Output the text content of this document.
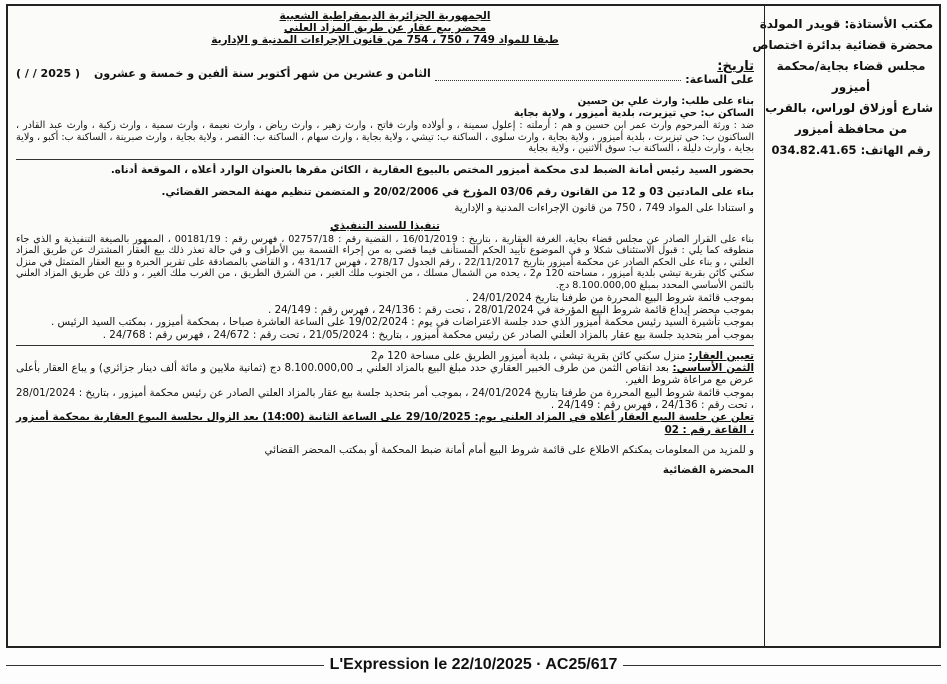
مكتب الأستاذة: قويدر المولدة
محضرة قضائية بدائرة اختصاص
مجلس قضاء بجاية/محكمة
أميزور
شارع أوزلاق لوراس، بالقرب
من محافظة أميزور
رقم الهاتف: 034.82.41.65
الجمهورية الجزائرية الديمقراطية الشعبية
محضر بيع عقار عن طريق المزاد العلني
طبقا للمواد 749 ، 750 ، 754 من قانون الإجراءات المدنية و الإدارية
تاريخ:
على الساعة:
الثامن و عشرين من شهر أكتوبر سنة ألفين و خمسة و عشرون
( / / 2025 )
بناء على طلب: وارث علي بن حسين
الساكن ب: حي تيزيرت، بلدية أميزور ، ولاية بجاية
ضد : ورثة المرحوم وارث عمر ابن حسين و هم : أرملته : إعلول سمينة ، و أولاده وارث فاتح ، وارث زهير ، وارث رياض ، وارث نعيمة ، وارث سمية ، وارث زكية ، وارث عبد القادر ، الساكنون ب: حي تيزيرت ، بلدية أميزور ، ولاية بجاية ، وارث سلوى ، الساكنة ب: تيشي ، ولاية بجاية ، وارث سهام ، الساكنة ب: القصر ، ولاية بجاية ، وارث صبرينة ، الساكنة ب: أكبو ، ولاية بجاية ، وارث دليلة ، الساكنة ب: سوق الاثنين ، ولاية بجاية
بحضور السيد رئيس أمانة الضبط لدى محكمة أميزور المختص بالبيوع العقارية ، الكائن مقرها بالعنوان الوارد أعلاه ، الموقعة أدناه.
بناء على المادتين 03 و 12 من القانون رقم 03/06 المؤرخ في 20/02/2006 و المتضمن تنظيم مهنة المحضر القضائي.
و استنادا على المواد 749 ، 750 من قانون الإجراءات المدنية و الإدارية
تنفيذا للسند التنفيذي
بناء على القرار الصادر عن مجلس قضاء بجاية، الغرفة العقارية ، بتاريخ : 16/01/2019 ، القضية رقم : 02757/18 ، فهرس رقم : 00181/19 ، الممهور بالصيغة التنفيذية و الذي جاء منطوقه كما يلي : قبول الاستئناف شكلا و في الموضوع تأييد الحكم المستأنف فيما قضى به من إجراء القسمة بين الأطراف و في حالة تعذر ذلك بيع العقار المشترك عن طريق المزاد العلني ، و بناء على الحكم الصادر عن محكمة أميزور بتاريخ 22/11/2017 ، رقم الجدول 278/17 ، فهرس 431/17 ، و القاضي بالمصادقة على تقرير الخبرة و بيع العقار المتمثل في منزل سكني كائن بقرية تيشي بلدية أميزور ، مساحته 120 م2 ، يحده من الشمال مسلك ، من الجنوب ملك الغير ، من الشرق الطريق ، من الغرب ملك الغير ، و ذلك عن طريق المزاد العلني بالثمن الأساسي المحدد بمبلغ 8.100.000,00 دج.
بموجب قائمة شروط البيع المحررة من طرفنا بتاريخ 24/01/2024 .
بموجب محضر إيداع قائمة شروط البيع المؤرخة في 28/01/2024 ، تحت رقم : 24/136 ، فهرس رقم : 24/149 .
بموجب تأشيرة السيد رئيس محكمة أميزور الذي حدد جلسة الاعتراضات في يوم : 19/02/2024 على الساعة العاشرة صباحا ، بمحكمة أميزور ، بمكتب السيد الرئيس .
بموجب أمر بتحديد جلسة بيع عقار بالمزاد العلني الصادر عن رئيس محكمة أميزور ، بتاريخ : 21/05/2024 ، تحت رقم : 24/672 ، فهرس رقم : 24/768 .
تعيين العقار: منزل سكني كائن بقرية تيشي ، بلدية أميزور الطريق على مساحة 120 م2
الثمن الأساسي: بعد انقاص الثمن من طرف الخبير العقاري حدد مبلغ البيع بالمزاد العلني بـ 8.100.000,00 دج (ثمانية ملايين و مائة ألف دينار جزائري) و يباع العقار بأعلى عرض مع مراعاة شروط الغير.
بموجب قائمة شروط البيع المحررة من طرفنا بتاريخ 24/01/2024 ، بموجب أمر بتحديد جلسة بيع عقار بالمزاد العلني الصادر عن رئيس محكمة أميزور ، بتاريخ : 28/01/2024 ، تحت رقم : 24/136 ، فهرس رقم : 24/149 .
تعلن عن جلسة البيع العقار أعلاه في المزاد العلني يوم: 29/10/2025 على الساعة الثانية (14:00) بعد الزوال بجلسة البيوع العقارية بمحكمة أميزور ، القاعة رقم : 02
و للمزيد من المعلومات يمكنكم الاطلاع على قائمة شروط البيع أمام أمانة ضبط المحكمة أو بمكتب المحضر القضائي
المحضرة القضائية
L'Expression le 22/10/2025 · AC25/617
